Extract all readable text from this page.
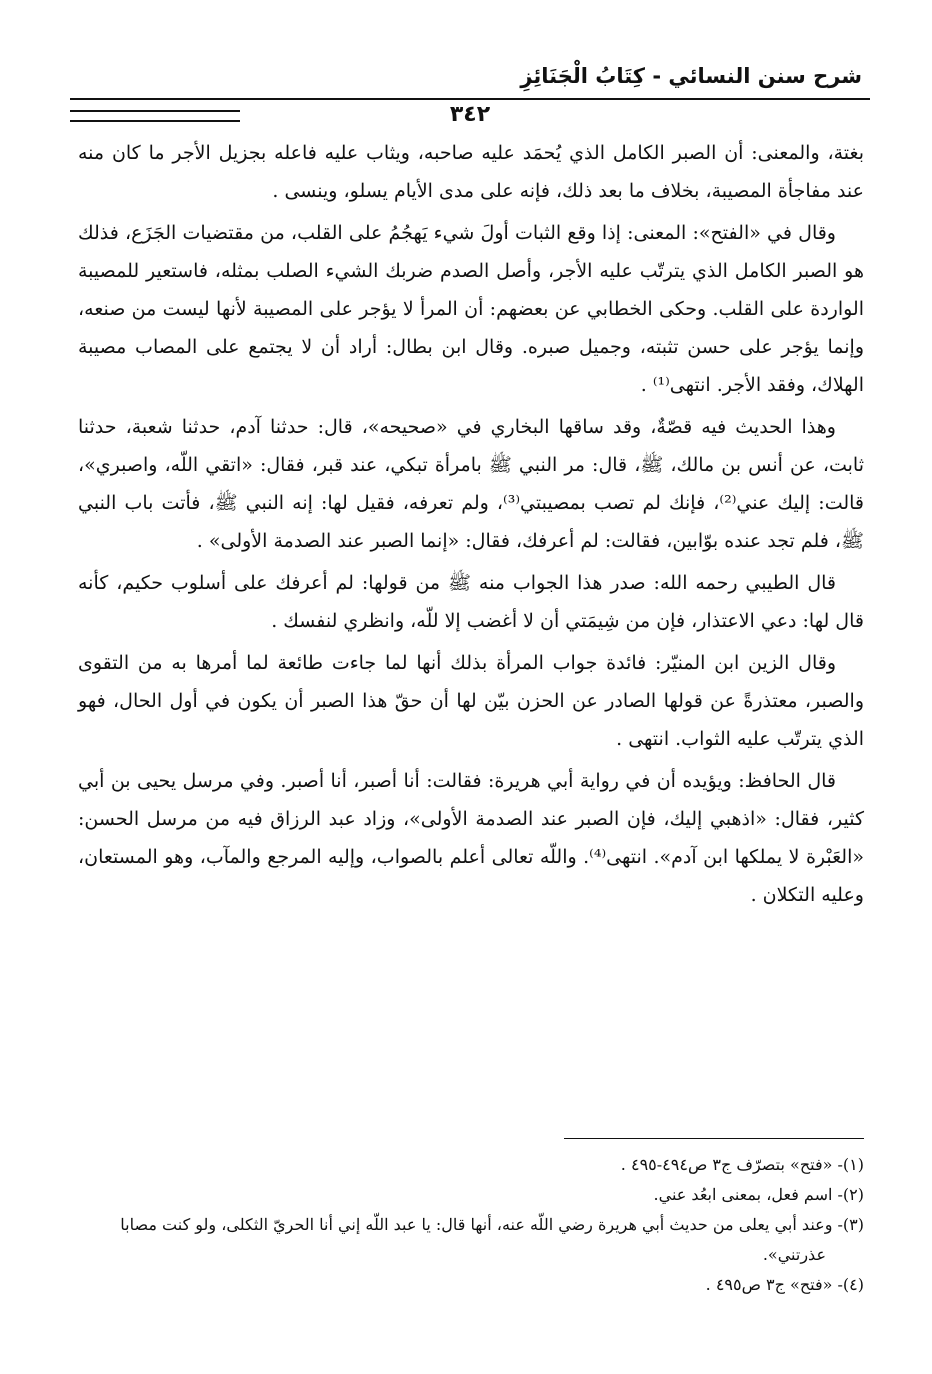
شرح سنن النسائي - كِتَابُ الْجَنَائِزِ
٣٤٢

بغتة، والمعنى: أن الصبر الكامل الذي يُحمَد عليه صاحبه، ويثاب عليه فاعله بجزيل الأجر ما كان منه عند مفاجأة المصيبة، بخلاف ما بعد ذلك، فإنه على مدى الأيام يسلو، وينسى .

وقال في «الفتح»: المعنى: إذا وقع الثبات أولَ شيء يَهجُمُ على القلب، من مقتضيات الجَزَع، فذلك هو الصبر الكامل الذي يترتّب عليه الأجر، وأصل الصدم ضربك الشيء الصلب بمثله، فاستعير للمصيبة الواردة على القلب. وحكى الخطابي عن بعضهم: أن المرأ لا يؤجر على المصيبة لأنها ليست من صنعه، وإنما يؤجر على حسن تثبته، وجميل صبره. وقال ابن بطال: أراد أن لا يجتمع على المصاب مصيبة الهلاك، وفقد الأجر. انتهى⁽¹⁾ .

وهذا الحديث فيه قصّةٌ، وقد ساقها البخاري في «صحيحه»، قال: حدثنا آدم، حدثنا شعبة، حدثنا ثابت، عن أنس بن مالك، ﷺ، قال: مر النبي ﷺ بامرأة تبكي، عند قبر، فقال: «اتقي اللّه، واصبري»، قالت: إليك عني⁽²⁾، فإنك لم تصب بمصيبتي⁽³⁾، ولم تعرفه، فقيل لها: إنه النبي ﷺ، فأتت باب النبي ﷺ، فلم تجد عنده بوّابين، فقالت: لم أعرفك، فقال: «إنما الصبر عند الصدمة الأولى» .

قال الطيبي رحمه الله: صدر هذا الجواب منه ﷺ من قولها: لم أعرفك على أسلوب حكيم، كأنه قال لها: دعي الاعتذار، فإن من شِيمَتي أن لا أغضب إلا للّه، وانظري لنفسك .

وقال الزين ابن المنيّر: فائدة جواب المرأة بذلك أنها لما جاءت طائعة لما أمرها به من التقوى والصبر، معتذرةً عن قولها الصادر عن الحزن بيّن لها أن حقّ هذا الصبر أن يكون في أول الحال، فهو الذي يترتّب عليه الثواب. انتهى .

قال الحافظ: ويؤيده أن في رواية أبي هريرة: فقالت: أنا أصبر، أنا أصبر. وفي مرسل يحيى بن أبي كثير، فقال: «اذهبي إليك، فإن الصبر عند الصدمة الأولى»، وزاد عبد الرزاق فيه من مرسل الحسن: «العَبْرة لا يملكها ابن آدم». انتهى⁽⁴⁾. واللّه تعالى أعلم بالصواب، وإليه المرجع والمآب، وهو المستعان، وعليه التكلان .

(١)- «فتح» بتصرّف ج٣ ص٤٩٤-٤٩٥ .

(٢)- اسم فعل، بمعنى ابعُد عني.

(٣)- وعند أبي يعلى من حديث أبي هريرة رضي اللّه عنه، أنها قال: يا عبد اللّه إني أنا الحريّ الثكلى، ولو كنت مصابا عذرتني».

(٤)- «فتح» ج٣ ص٤٩٥ .
